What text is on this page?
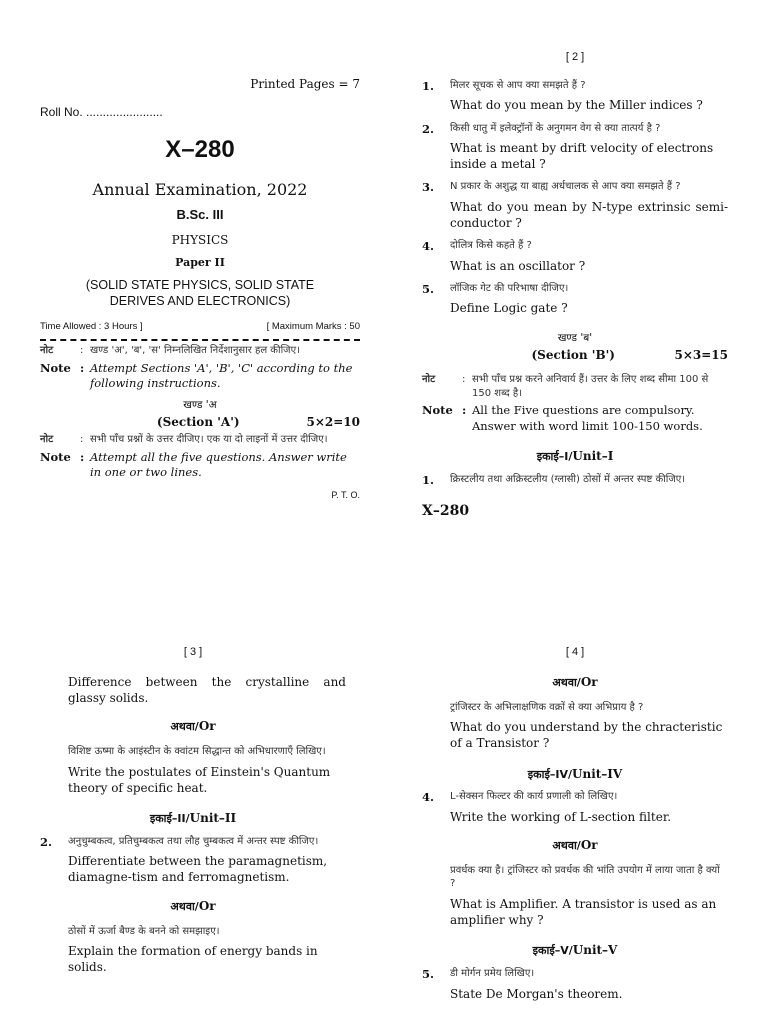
Printed Pages = 7
Roll No. .......................
X–280
Annual Examination, 2022
B.Sc. III
PHYSICS
Paper II
(SOLID STATE PHYSICS, SOLID STATE
DERIVES AND ELECTRONICS)
Time Allowed : 3 Hours ]	[ Maximum Marks : 50
नोट	: खण्ड 'अ', 'ब', 'स' निम्नलिखित निर्देशानुसार हल कीजिए।
Note : Attempt Sections 'A', 'B', 'C' according to the following instructions.
खण्ड 'अ
(Section 'A')	5×2=10
नोट	: सभी पाँच प्रश्नों के उत्तर दीजिए। एक या दो लाइनों में उत्तर दीजिए।
Note : Attempt all the five questions. Answer write in one or two lines.
P. T. O.
[ 2 ]
1.	मिलर सूचक से आप क्या समझते हैं ?
What do you mean by the Miller indices ?
2.	किसी धातु में इलेक्ट्रॉनों के अनुगमन वेग से क्या तात्पर्य है ?
What is meant by drift velocity of electrons inside a metal ?
3.	N प्रकार के अशुद्ध या बाह्य अर्धचालक से आप क्या समझते हैं ?
What do you mean by N-type extrinsic semi-conductor ?
4.	दोलित्र किसे कहते हैं ?
What is an oscillator ?
5.	लॉजिक गेट की परिभाषा दीजिए।
Define Logic gate ?
खण्ड 'ब'
(Section 'B')	5×3=15
नोट	: सभी पाँच प्रश्न करने अनिवार्य हैं। उत्तर के लिए शब्द सीमा 100 से 150 शब्द है।
Note : All the Five questions are compulsory. Answer with word limit 100-150 words.
इकाई–I/Unit–I
1.	क्रिस्टलीय तथा अक्रिस्टलीय (ग्लासी) ठोसों में अन्तर स्पष्ट कीजिए।
X–280
[ 3 ]
Difference between the crystalline and glassy solids.
अथवा/Or
विशिष्ट ऊष्मा के आइंस्टीन के क्वांटम सिद्धान्त को अभिधारणाएँ लिखिए।
Write the postulates of Einstein's Quantum theory of specific heat.
इकाई–II/Unit–II
2.	अनुचुम्बकत्व, प्रतिचुम्बकत्व तथा लौह चुम्बकत्व में अन्तर स्पष्ट कीजिए।
Differentiate between the paramagnetism, diamagne-tism and ferromagnetism.
अथवा/Or
ठोसों में ऊर्जा बैण्ड के बनने को समझाइए।
Explain the formation of energy bands in solids.
[ 4 ]
अथवा/Or
ट्रांजिस्टर के अभिलाक्षणिक वक्रों से क्या अभिप्राय है ?
What do you understand by the chracteristic of a Transistor ?
इकाई–IV/Unit–IV
4.	L-सेक्सन फिल्टर की कार्य प्रणाली को लिखिए।
Write the working of L-section filter.
अथवा/Or
प्रवर्धक क्या है। ट्रांजिस्टर को प्रवर्धक की भांति उपयोग में लाया जाता है क्यों ?
What is Amplifier. A transistor is used as an amplifier why ?
इकाई–V/Unit–V
5.	डी मोर्गन प्रमेय लिखिए।
State De Morgan's theorem.
